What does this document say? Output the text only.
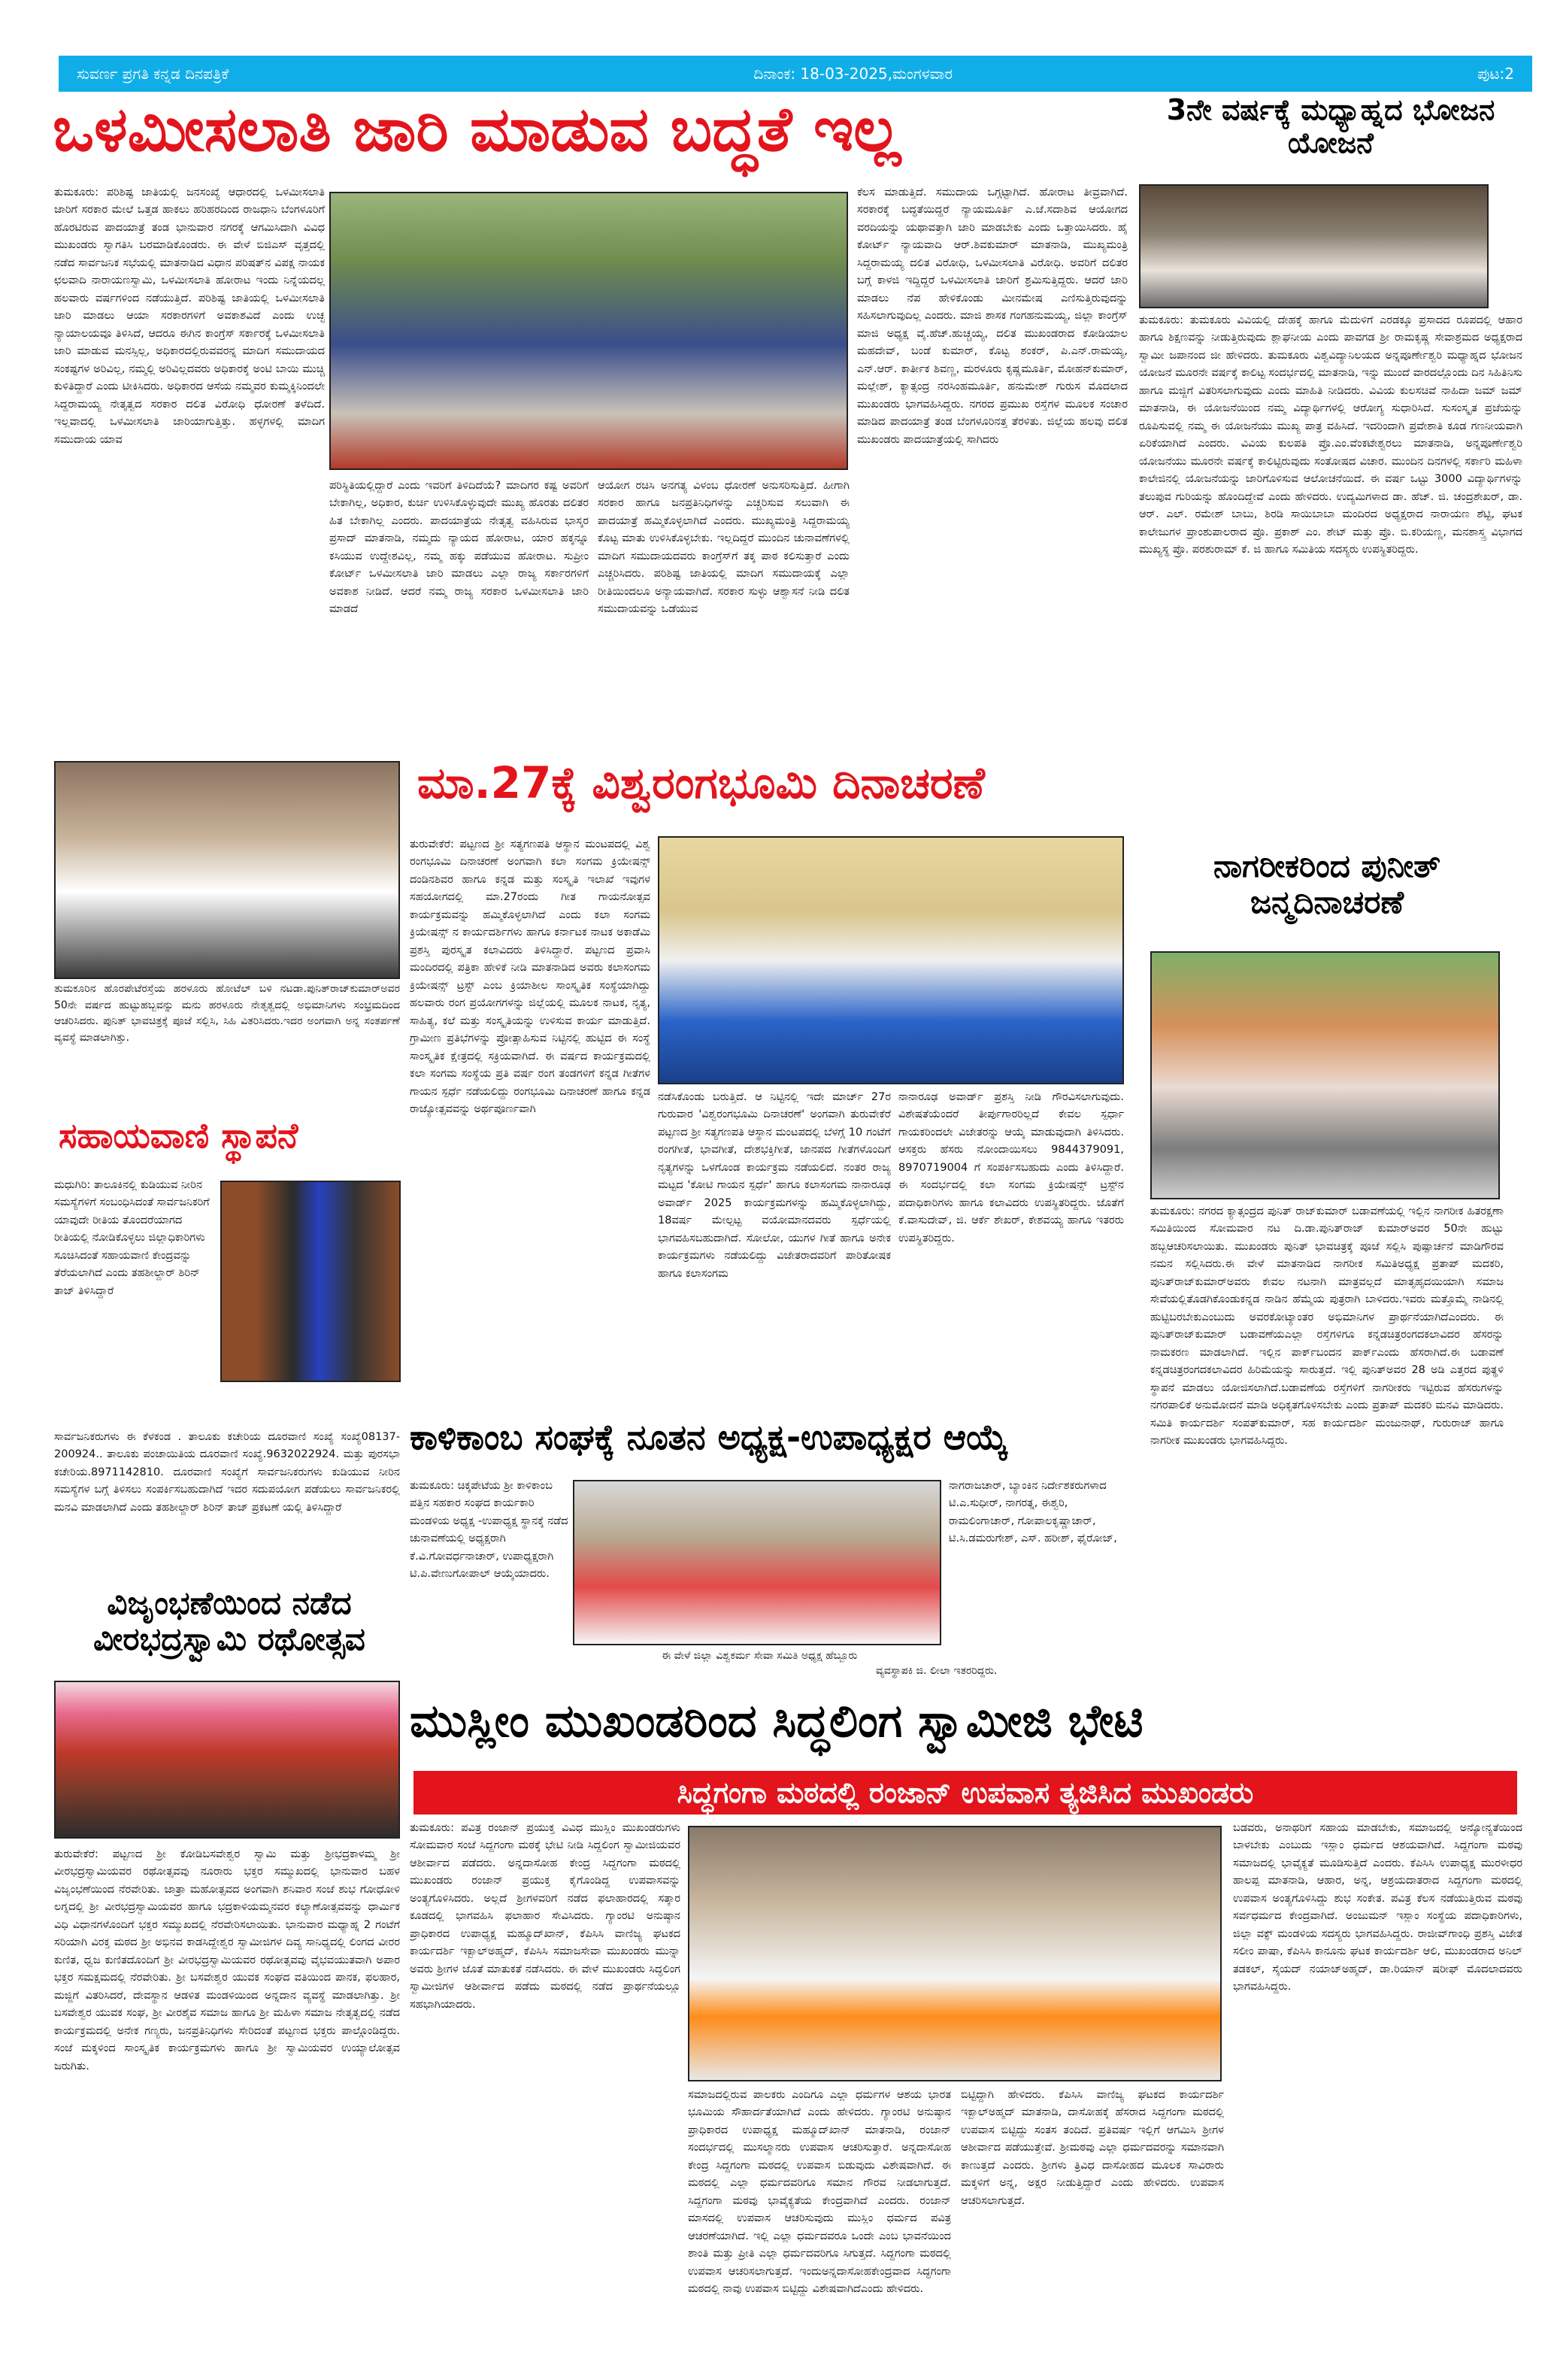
ಸುವರ್ಣ ಪ್ರಗತಿ ಕನ್ನಡ ದಿನಪತ್ರಿಕೆ	ದಿನಾಂಕ: 18-03-2025,ಮಂಗಳವಾರ	ಪುಟ:2
ಒಳಮೀಸಲಾತಿ ಜಾರಿ ಮಾಡುವ ಬದ್ಧತೆ ಇಲ್ಲ
ತುಮಕೂರು: ಪರಿಶಿಷ್ಟ ಜಾತಿಯಲ್ಲಿ ಜನಸಂಖ್ಯೆ ಆಧಾರದಲ್ಲಿ ಒಳಮೀಸಲಾತಿ ಜಾರಿಗೆ ಸರಕಾರ ಮೇಲೆ ಒತ್ತಡ ಹಾಕಲು ಹರಿಹರದಿಂದ ರಾಜಧಾನಿ ಬೆಂಗಳೂರಿಗೆ ಹೊರಟಿರುವ ಪಾದಯಾತ್ರೆ ತಂಡ ಭಾನುವಾರ ನಗರಕ್ಕೆ ಆಗಮಿಸಿದಾಗಿ ವಿವಿಧ ಮುಖಂಡರು ಸ್ವಾಗತಿಸಿ ಬರಮಾಡಿಕೊಂಡರು. ಈ ವೇಳೆ ಬಿಜಿಎಸ್ ವೃತ್ತದಲ್ಲಿ ನಡೆದ ಸಾರ್ವಜನಿಕ ಸಭೆಯಲ್ಲಿ ಮಾತನಾಡಿದ ವಿಧಾನ ಪರಿಷತ್‌ನ ವಿಪಕ್ಷ ನಾಯಕ ಛಲವಾದಿ ನಾರಾಯಣಸ್ವಾಮಿ, ಒಳಮೀಸಲಾತಿ ಹೋರಾಟ ಇಂದು ನಿನ್ನೆಯದಲ್ಲ ಹಲವಾರು ವರ್ಷಗಳಿಂದ ನಡೆಯುತ್ತಿದೆ. ಪರಿಶಿಷ್ಟ ಜಾತಿಯಲ್ಲಿ ಒಳಮೀಸಲಾತಿ ಜಾರಿ ಮಾಡಲು ಆಯಾ ಸರಕಾರಗಳಿಗೆ ಅವಕಾಶವಿದೆ ಎಂದು ಉಚ್ಛ ನ್ಯಾಯಾಲಯವೂ ತಿಳಿಸಿದೆ, ಆದರೂ ಈಗಿನ ಕಾಂಗ್ರೆಸ್ ಸರ್ಕಾರಕ್ಕೆ ಒಳಮೀಸಲಾತಿ ಜಾರಿ ಮಾಡುವ ಮನಸ್ಸಿಲ್ಲ, ಅಧಿಕಾರದಲ್ಲಿರುವವರನ್ನ ಮಾದಿಗ ಸಮುದಾಯದ ಸಂಕಷ್ಟಗಳ ಅರಿವಿಲ್ಲ, ನಮ್ಮಲ್ಲಿ ಅರಿವಿಲ್ಲದವರು ಅಧಿಕಾರಕ್ಕೆ ಅಂಟಿ ಬಾಯಿ ಮುಚ್ಚಿ ಕುಳಿತಿದ್ದಾರೆ ಎಂದು ಟೀಕಿಸಿದರು. ಅಧಿಕಾರದ ಆಸೆಯ ನಮ್ಮವರ ಕುಮ್ಮಕ್ಕಿನಿಂದಲೇ ಸಿದ್ದರಾಮಯ್ಯ ನೇತೃತ್ವದ ಸರಕಾರ ದಲಿತ ವಿರೋಧಿ ಧೋರಣೆ ತಳೆದಿದೆ. ಇಲ್ಲವಾದಲ್ಲಿ ಒಳಮೀಸಲಾತಿ ಜಾರಿಯಾಗುತ್ತಿತ್ತು. ಹಳ್ಳಗಳಲ್ಲಿ ಮಾದಿಗ ಸಮುದಾಯ ಯಾವ
ಪರಿಸ್ಥಿತಿಯಲ್ಲಿದ್ದಾರೆ ಎಂದು ಇವರಿಗೆ ತಿಳಿದಿದೆಯೆ? ಮಾದಿಗರ ಕಷ್ಟ ಅವರಿಗೆ ಬೇಕಾಗಿಲ್ಲ, ಅಧಿಕಾರ, ಕುರ್ಚಿ ಉಳಿಸಿಕೊಳ್ಳುವುದೇ ಮುಖ್ಯ ಹೊರತು ದಲಿತರ ಹಿತ ಬೇಕಾಗಿಲ್ಲ ಎಂದರು. ಪಾದಯಾತ್ರೆಯ ನೇತೃತ್ವ ವಹಿಸಿರುವ ಭಾಸ್ಕರ ಪ್ರಸಾದ್ ಮಾತನಾಡಿ, ನಮ್ಮದು ನ್ಯಾಯದ ಹೋರಾಟ, ಯಾರ ಹಕ್ಕನ್ನೂ ಕಸಿಯುವ ಉದ್ದೇಶವಿಲ್ಲ, ನಮ್ಮ ಹಕ್ಕು ಪಡೆಯುವ ಹೋರಾಟ. ಸುಪ್ರೀಂ ಕೋರ್ಟ್ ಒಳಮೀಸಲಾತಿ ಜಾರಿ ಮಾಡಲು ಎಲ್ಲಾ ರಾಜ್ಯ ಸರ್ಕಾರಗಳಿಗೆ ಅವಕಾಶ ನೀಡಿದೆ. ಆದರೆ ನಮ್ಮ ರಾಜ್ಯ ಸರಕಾರ ಒಳಮೀಸಲಾತಿ ಜಾರಿ ಮಾಡದೆ
ಆಯೋಗ ರಚಿಸಿ ಅನಗತ್ಯ ವಿಳಂಬ ಧೋರಣೆ ಅನುಸರಿಸುತ್ತಿದೆ. ಹೀಗಾಗಿ ಸರಕಾರ ಹಾಗೂ ಜನಪ್ರತಿನಿಧಿಗಳನ್ನು ಎಚ್ಚರಿಸುವ ಸಲುವಾಗಿ ಈ ಪಾದಯಾತ್ರೆ ಹಮ್ಮಿಕೊಳ್ಳಲಾಗಿದೆ ಎಂದರು. ಮುಖ್ಯಮಂತ್ರಿ ಸಿದ್ದರಾಮಯ್ಯ ಕೊಟ್ಟ ಮಾತು ಉಳಿಸಿಕೊಳ್ಳಬೇಕು. ಇಲ್ಲದಿದ್ದರೆ ಮುಂದಿನ ಚುನಾವಣೆಗಳಲ್ಲಿ ಮಾದಿಗ ಸಮುದಾಯದವರು ಕಾಂಗ್ರೆಸ್‌ಗೆ ತಕ್ಕ ಪಾಠ ಕಲಿಸುತ್ತಾರೆ ಎಂದು ಎಚ್ಚರಿಸಿದರು. ಪರಿಶಿಷ್ಟ ಜಾತಿಯಲ್ಲಿ ಮಾದಿಗ ಸಮುದಾಯಕ್ಕೆ ಎಲ್ಲಾ ರೀತಿಯಿಂದಲೂ ಅನ್ಯಾಯವಾಗಿದೆ. ಸರಕಾರ ಸುಳ್ಳು ಆಶ್ವಾಸನೆ ನೀಡಿ ದಲಿತ ಸಮುದಾಯವನ್ನು ಒಡೆಯುವ
ಕೆಲಸ ಮಾಡುತ್ತಿದೆ. ಸಮುದಾಯ ಒಗ್ಗಟ್ಟಾಗಿದೆ. ಹೋರಾಟ ತೀವ್ರವಾಗಿದೆ. ಸರಕಾರಕ್ಕೆ ಬದ್ಧತೆಯಿದ್ದರೆ ನ್ಯಾಯಮೂರ್ತಿ ಎ.ಜೆ.ಸದಾಶಿವ ಆಯೋಗದ ವರದಿಯನ್ನು ಯಥಾವತ್ತಾಗಿ ಜಾರಿ ಮಾಡಬೇಕು ಎಂದು ಒತ್ತಾಯಿಸಿದರು. ಹೈ ಕೋರ್ಟ್ ನ್ಯಾಯವಾದಿ ಆರ್.ಶಿವಕುಮಾರ್ ಮಾತನಾಡಿ, ಮುಖ್ಯಮಂತ್ರಿ ಸಿದ್ದರಾಮಯ್ಯ ದಲಿತ ವಿರೋಧಿ, ಒಳಮೀಸಲಾತಿ ವಿರೋಧಿ. ಅವರಿಗೆ ದಲಿತರ ಬಗ್ಗೆ ಕಾಳಜಿ ಇದ್ದಿದ್ದರೆ ಒಳಮೀಸಲಾತಿ ಜಾರಿಗೆ ಶ್ರಮಿಸುತ್ತಿದ್ದರು. ಆದರೆ ಜಾರಿ ಮಾಡಲು ನೆಪ ಹೇಳಿಕೊಂಡು ಮೀನಮೇಷ ಎಣಿಸುತ್ತಿರುವುದನ್ನು ಸಹಿಸಲಾಗುವುದಿಲ್ಲ ಎಂದರು. ಮಾಜಿ ಶಾಸಕ ಗಂಗಹನುಮಯ್ಯ, ಜಿಲ್ಲಾ ಕಾಂಗ್ರೆಸ್ ಮಾಜಿ ಅಧ್ಯಕ್ಷ ವೈ.ಹೆಚ್.ಹುಚ್ಚಯ್ಯ, ದಲಿತ ಮುಖಂಡರಾದ ಕೋಡಿಯಾಲ ಮಹದೇವ್, ಬಂಡೆ ಕುಮಾರ್, ಕೊಟ್ಟ ಶಂಕರ್, ಪಿ.ಎನ್.ರಾಮಯ್ಯ, ಎನ್.ಆರ್. ಕಾರ್ತೀಕ ಶಿವಣ್ಣ, ಮರಳೂರು ಕೃಷ್ಣಮೂರ್ತಿ, ಮೋಹನ್‌ಕುಮಾರ್, ಮಲ್ಲೇಶ್, ಕ್ಯಾತ್ಸಂದ್ರ ನರಸಿಂಹಮೂರ್ತಿ, ಹನುಮೇಶ್ ಗುರುಸ ಮೊದಲಾದ ಮುಖಂಡರು ಭಾಗವಹಿಸಿದ್ದರು. ನಗರದ ಪ್ರಮುಖ ರಸ್ತೆಗಳ ಮೂಲಕ ಸಂಚಾರ ಮಾಡಿದ ಪಾದಯಾತ್ರೆ ತಂಡ ಬೆಂಗಳೂರಿನತ್ತ ತೆರಳಿತು. ಜಿಲ್ಲೆಯ ಹಲವು ದಲಿತ ಮುಖಂಡರು ಪಾದಯಾತ್ರೆಯಲ್ಲಿ ಸಾಗಿದರು
3ನೇ ವರ್ಷಕ್ಕೆ ಮಧ್ಯಾಹ್ನದ ಭೋಜನ ಯೋಜನೆ
ತುಮಕೂರು: ತುಮಕೂರು ವಿವಿಯಲ್ಲಿ ದೇಹಕ್ಕೆ ಹಾಗೂ ಮೆದುಳಿಗೆ ಎರಡಕ್ಕೂ ಪ್ರಸಾದದ ರೂಪದಲ್ಲಿ ಆಹಾರ ಹಾಗೂ ಶಿಕ್ಷಣವನ್ನು ನೀಡುತ್ತಿರುವುದು ಶ್ಲಾಘನೀಯ ಎಂದು ಪಾವಗಡ ಶ್ರೀ ರಾಮಕೃಷ್ಣ ಸೇವಾಶ್ರಮದ ಅಧ್ಯಕ್ಷರಾದ ಸ್ವಾಮೀ ಜಪಾನಂದ ಜೀ ಹೇಳಿದರು. ತುಮಕೂರು ವಿಶ್ವವಿದ್ಯಾನಿಲಯದ ಅನ್ನಪೂರ್ಣೇಶ್ವರಿ ಮಧ್ಯಾಹ್ನದ ಭೋಜನ ಯೋಜನೆ ಮೂರನೇ ವರ್ಷಕ್ಕೆ ಕಾಲಿಟ್ಟ ಸಂದರ್ಭದಲ್ಲಿ ಮಾತನಾಡಿ, ಇನ್ನು ಮುಂದೆ ವಾರದಲ್ಲೊಂದು ದಿನ ಸಿಹಿತಿನಿಸು ಹಾಗೂ ಮಜ್ಜಿಗೆ ವಿತರಿಸಲಾಗುವುದು ಎಂದು ಮಾಹಿತಿ ನೀಡಿದರು. ವಿವಿಯ ಕುಲಸಚಿವೆ ನಾಹಿದಾ ಜಮ್ ಜಮ್ ಮಾತನಾಡಿ, ಈ ಯೋಜನೆಯಿಂದ ನಮ್ಮ ವಿದ್ಯಾರ್ಥಿಗಳಲ್ಲಿ ಆರೋಗ್ಯ ಸುಧಾರಿಸಿದೆ. ಸುಸಂಸ್ಕೃತ ಪ್ರಜೆಯನ್ನು ರೂಪಿಸುವಲ್ಲಿ ನಮ್ಮ ಈ ಯೋಜನೆಯು ಮುಖ್ಯ ಪಾತ್ರ ವಹಿಸಿದೆ. ಇದರಿಂದಾಗಿ ಪ್ರವೇಶಾತಿ ಕೂಡ ಗಣನೀಯವಾಗಿ ಏರಿಕೆಯಾಗಿದೆ ಎಂದರು. ವಿವಿಯ ಕುಲಪತಿ ಪ್ರೊ.ಎಂ.ವೆಂಕಟೇಶ್ವರಲು ಮಾತನಾಡಿ, ಅನ್ನಪೂರ್ಣೇಶ್ವರಿ ಯೋಜನೆಯು ಮೂರನೇ ವರ್ಷಕ್ಕೆ ಕಾಲಿಟ್ಟಿರುವುದು ಸಂತೋಷದ ವಿಚಾರ. ಮುಂದಿನ ದಿನಗಳಲ್ಲಿ ಸರ್ಕಾರಿ ಮಹಿಳಾ ಕಾಲೇಜಿನಲ್ಲಿ ಯೋಜನೆಯನ್ನು ಜಾರಿಗೊಳಿಸುವ ಆಲೋಚನೆಯಿದೆ. ಈ ವರ್ಷ ಒಟ್ಟು 3000 ವಿದ್ಯಾರ್ಥಿಗಳನ್ನು ತಲುಪುವ ಗುರಿಯನ್ನು ಹೊಂದಿದ್ದೇವೆ ಎಂದು ಹೇಳಿದರು. ಉದ್ಯಮಿಗಳಾದ ಡಾ. ಹೆಚ್. ಜಿ. ಚಂದ್ರಶೇಖರ್, ಡಾ. ಆರ್. ಎಲ್. ರಮೇಶ್ ಬಾಬು, ಶಿರಡಿ ಸಾಯಿಬಾಬಾ ಮಂದಿರದ ಅಧ್ಯಕ್ಷರಾದ ನಾರಾಯಣ ಶೆಟ್ಟಿ, ಘಟಕ ಕಾಲೇಜುಗಳ ಪ್ರಾಂಶುಪಾಲರಾದ ಪ್ರೊ. ಪ್ರಕಾಶ್ ಎಂ. ಶೇಟ್ ಮತ್ತು ಪ್ರೊ. ಬಿ.ಕರಿಯಣ್ಣ, ಮನಶಾಸ್ತ್ರ ವಿಭಾಗದ ಮುಖ್ಯಸ್ಥ ಪ್ರೊ. ಪರಶುರಾಮ್ ಕೆ. ಜಿ ಹಾಗೂ ಸಮಿತಿಯ ಸದಸ್ಯರು ಉಪಸ್ಥಿತರಿದ್ದರು.
ತುಮಕೂರಿನ ಹೊರಪೇಟೆರಸ್ತೆಯ ಹರಳೂರು ಹೋಟೆಲ್ ಬಳಿ ನಟಡಾ.ಪುನಿತ್‌ರಾಜ್‌ಕುಮಾರ್‌ಅವರ 50ನೇ ವರ್ಷದ ಹುಟ್ಟುಹಬ್ಬವನ್ನು ಮನು ಹರಳೂರು ನೇತೃತ್ವದಲ್ಲಿ ಅಭಿಮಾನಿಗಳು ಸಂಭ್ರಮದಿಂದ ಆಚರಿಸಿದರು. ಪುನಿತ್ ಭಾವಚಿತ್ರಕ್ಕೆ ಪೂಜೆ ಸಲ್ಲಿಸಿ, ಸಿಹಿ ವಿತರಿಸಿದರು.ಇದರ ಅಂಗವಾಗಿ ಅನ್ನ ಸಂತರ್ಪಣೆ ವ್ಯವಸ್ಥೆ ಮಾಡಲಾಗಿತ್ತು.
ಮಾ.27ಕ್ಕೆ ವಿಶ್ವರಂಗಭೂಮಿ ದಿನಾಚರಣೆ
ತುರುವೇಕೆರೆ: ಪಟ್ಟಣದ ಶ್ರೀ ಸತ್ಯಗಣಪತಿ ಆಸ್ಥಾನ ಮಂಟಪದಲ್ಲಿ ವಿಶ್ವ ರಂಗಭೂಮಿ ದಿನಾಚರಣೆ ಅಂಗವಾಗಿ ಕಲಾ ಸಂಗಮ ಕ್ರಿಯೇಷನ್ಸ್ ದಂಡಿನಶಿವರ ಹಾಗೂ ಕನ್ನಡ ಮತ್ತು ಸಂಸ್ಕೃತಿ ಇಲಾಖೆ ಇವುಗಳ ಸಹಯೋಗದಲ್ಲಿ ಮಾ.27ರಂದು ಗೀತ ಗಾಯನೋತ್ಸವ ಕಾರ್ಯಕ್ರಮವನ್ನು ಹಮ್ಮಿಕೊಳ್ಳಲಾಗಿದೆ ಎಂದು ಕಲಾ ಸಂಗಮ ಕ್ರಿಯೇಷನ್ಸ್ ನ ಕಾರ್ಯದರ್ಶಿಗಳು ಹಾಗೂ ಕರ್ನಾಟಕ ನಾಟಕ ಅಕಾಡೆಮಿ ಪ್ರಶಸ್ತಿ ಪುರಸ್ಕೃತ ಕಲಾವಿದರು ತಿಳಿಸಿದ್ದಾರೆ. ಪಟ್ಟಣದ ಪ್ರವಾಸಿ ಮಂದಿರದಲ್ಲಿ ಪತ್ರಿಕಾ ಹೇಳಿಕೆ ನೀಡಿ ಮಾತನಾಡಿದ ಅವರು ಕಲಾಸಂಗಮ ಕ್ರಿಯೇಷನ್ಸ್ ಟ್ರಸ್ಟ್ ಎಂಬ ಕ್ರಿಯಾಶೀಲ ಸಾಂಸ್ಕೃತಿಕ ಸಂಸ್ಥೆಯಾಗಿದ್ದು ಹಲವಾರು ರಂಗ ಪ್ರಯೋಗಗಳನ್ನು ಜಿಲ್ಲೆಯಲ್ಲಿ ಮೂಲಕ ನಾಟಕ, ನೃತ್ಯ, ಸಾಹಿತ್ಯ, ಕಲೆ ಮತ್ತು ಸಂಸ್ಕೃತಿಯನ್ನು ಉಳಿಸುವ ಕಾರ್ಯ ಮಾಡುತ್ತಿದೆ. ಗ್ರಾಮೀಣ ಪ್ರತಿಭೆಗಳನ್ನು ಪ್ರೋತ್ಸಾಹಿಸುವ ನಿಟ್ಟಿನಲ್ಲಿ ಹುಟ್ಟಿದ ಈ ಸಂಸ್ಥೆ ಸಾಂಸ್ಕೃತಿಕ ಕ್ಷೇತ್ರದಲ್ಲಿ ಸಕ್ರಿಯವಾಗಿದೆ. ಈ ವರ್ಷದ ಕಾರ್ಯಕ್ರಮದಲ್ಲಿ ಕಲಾ ಸಂಗಮ ಸಂಸ್ಥೆಯ ಪ್ರತಿ ವರ್ಷ ರಂಗ ತಂಡಗಳಿಗೆ ಕನ್ನಡ ಗೀತೆಗಳ ಗಾಯನ ಸ್ಪರ್ಧೆ ನಡೆಯಲಿದ್ದು ರಂಗಭೂಮಿ ದಿನಾಚರಣೆ ಹಾಗೂ ಕನ್ನಡ ರಾಜ್ಯೋತ್ಸವವನ್ನು ಅರ್ಥಪೂರ್ಣವಾಗಿ
ನಡೆಸಿಕೊಂಡು ಬರುತ್ತಿದೆ. ಆ ನಿಟ್ಟಿನಲ್ಲಿ ಇದೇ ಮಾರ್ಚ್ 27ರ ಗುರುವಾರ 'ವಿಶ್ವರಂಗಭೂಮಿ ದಿನಾಚರಣೆ' ಅಂಗವಾಗಿ ತುರುವೇಕೆರೆ ಪಟ್ಟಣದ ಶ್ರೀ ಸತ್ಯಗಣಪತಿ ಆಸ್ಥಾನ ಮಂಟಪದಲ್ಲಿ ಬೆಳಗ್ಗೆ 10 ಗಂಟೆಗೆ ರಂಗಗೀತೆ, ಭಾವಗೀತೆ, ದೇಶಭಕ್ತಿಗೀತೆ, ಜಾನಪದ ಗೀತೆಗಳೊಂದಿಗೆ ನೃತ್ಯಗಳನ್ನು ಒಳಗೊಂಡ ಕಾರ್ಯಕ್ರಮ ನಡೆಯಲಿದೆ. ನಂತರ ರಾಜ್ಯ ಮಟ್ಟದ 'ಕೋಟಿ ಗಾಯನ ಸ್ಪರ್ಧೆ' ಹಾಗೂ ಕಲಾಸಂಗಮ ನಾನಾರೂಢ ಅವಾರ್ಡ್ 2025 ಕಾರ್ಯಕ್ರಮಗಳನ್ನು ಹಮ್ಮಿಕೊಳ್ಳಲಾಗಿದ್ದು, 18ವರ್ಷ ಮೇಲ್ಪಟ್ಟ ವಯೋಮಾನದವರು ಸ್ಪರ್ಧೆಯಲ್ಲಿ ಭಾಗವಹಿಸಬಹುದಾಗಿದೆ. ಸೋಲೋ, ಯುಗಳ ಗೀತೆ ಹಾಗೂ ಅನೇಕ ಕಾರ್ಯಕ್ರಮಗಳು ನಡೆಯಲಿದ್ದು ವಿಜೇತರಾದವರಿಗೆ ಪಾರಿತೋಷಕ ಹಾಗೂ ಕಲಾಸಂಗಮ
ನಾನಾರೂಢ ಅವಾರ್ಡ್ ಪ್ರಶಸ್ತಿ ನೀಡಿ ಗೌರವಿಸಲಾಗುವುದು. ವಿಶೇಷತೆಯೆಂದರೆ ತೀರ್ಪುಗಾರರಿಲ್ಲದೆ ಕೇವಲ ಸ್ಪರ್ಧಾ ಗಾಯಕರಿಂದಲೇ ವಿಜೇತರನ್ನು ಆಯ್ಕೆ ಮಾಡುವುದಾಗಿ ತಿಳಿಸಿದರು. ಆಸಕ್ತರು ಹೆಸರು ನೋಂದಾಯಿಸಲು 9844379091, 8970719004 ಗೆ ಸಂಪರ್ಕಿಸಬಹುದು ಎಂದು ತಿಳಿಸಿದ್ದಾರೆ. ಈ ಸಂದರ್ಭದಲ್ಲಿ ಕಲಾ ಸಂಗಮ ಕ್ರಿಯೇಷನ್ಸ್ ಟ್ರಸ್ಟ್‌ನ ಪದಾಧಿಕಾರಿಗಳು ಹಾಗೂ ಕಲಾವಿದರು ಉಪಸ್ಥಿತರಿದ್ದರು. ಜೊತೆಗೆ ಕೆ.ವಾಸುದೇವ್, ಜಿ. ಆರ್ಕೆ ಶೇಖರ್, ಕೇಶವಯ್ಯ ಹಾಗೂ ಇತರರು ಉಪಸ್ಥಿತರಿದ್ದರು.
ನಾಗರೀಕರಿಂದ ಪುನೀತ್ ಜನ್ಮದಿನಾಚರಣೆ
ತುಮಕೂರು: ನಗರದ ಕ್ಯಾತ್ಸಂದ್ರದ ಪುನಿತ್ ರಾಜ್‌ಕುಮಾರ್ ಬಡಾವಣೆಯಲ್ಲಿ ಇಲ್ಲಿನ ನಾಗರೀಕ ಹಿತರಕ್ಷಣಾ ಸಮಿತಿಯಿಂದ ಸೋಮವಾರ ನಟ ದಿ.ಡಾ.ಪುನಿತ್‌ರಾಜ್ ಕುಮಾರ್‌ಅವರ 50ನೇ ಹುಟ್ಟು ಹಬ್ಬಆಚರಿಸಲಾಯಿತು. ಮುಖಂಡರು ಪುನಿತ್ ಭಾವಚಿತ್ರಕ್ಕೆ ಪೂಜೆ ಸಲ್ಲಿಸಿ ಪುಷ್ಪಾರ್ಚನೆ ಮಾಡಿಗೌರವ ನಮನ ಸಲ್ಲಿಸಿದರು.ಈ ವೇಳೆ ಮಾತನಾಡಿದ ನಾಗರೀಕ ಸಮಿತಿಅಧ್ಯಕ್ಷ ಪ್ರತಾಪ್ ಮದಕರಿ, ಪುನಿತ್‌ರಾಜ್‌ಕುಮಾರ್‌ಅವರು ಕೇವಲ ನಟನಾಗಿ ಮಾತ್ರವಲ್ಲದೆ ಮಾತೃಹೃದಯಿಯಾಗಿ ಸಮಾಜ ಸೇವೆಯಲ್ಲಿತೊಡಗಿಕೊಂಡುಕನ್ನಡ ನಾಡಿನ ಹೆಮ್ಮೆಯ ಪುತ್ರರಾಗಿ ಬಾಳಿದರು.ಇವರು ಮತ್ತೊಮ್ಮೆ ನಾಡಿನಲ್ಲಿ ಹುಟ್ಟಿಬರಬೇಕುಎಂಬುದು ಅವರಕೋಟ್ಯಾಂತರ ಅಭಿಮಾನಿಗಳ ಪ್ರಾರ್ಥನೆಯಾಗಿದೆಎಂದರು. ಈ ಪುನಿತ್‌ರಾಜ್‌ಕುಮಾರ್ ಬಡಾವಣೆಯಎಲ್ಲಾ ರಸ್ತೆಗಳಿಗೂ ಕನ್ನಡಚಿತ್ರರಂಗದಕಲಾವಿದರ ಹೆಸರನ್ನು ನಾಮಕರಣ ಮಾಡಲಾಗಿದೆ. ಇಲ್ಲಿನ ಪಾರ್ಕ್‌ಬಂದನ ಪಾರ್ಕ್‌ಎಂದು ಹೆಸರಾಗಿದೆ.ಈ ಬಡಾವಣೆ ಕನ್ನಡಚಿತ್ರರಂಗದಕಲಾವಿದರ ಹಿರಿಮೆಯನ್ನು ಸಾರುತ್ತದೆ. ಇಲ್ಲಿ ಪುನಿತ್‌ಅವರ 28 ಅಡಿ ಎತ್ತರದ ಪುತ್ಥಳಿ ಸ್ಥಾಪನೆ ಮಾಡಲು ಯೋಜಿಸಲಾಗಿದೆ.ಬಡಾವಣೆಯ ರಸ್ತೆಗಳಿಗೆ ನಾಗರೀಕರು ಇಟ್ಟಿರುವ ಹೆಸರುಗಳನ್ನು ನಗರಪಾಲಿಕೆ ಅನುಮೋದನೆ ಮಾಡಿ ಅಧಿಕೃತಗೊಳಿಸಬೇಕು ಎಂದು ಪ್ರತಾಪ್ ಮದಕರಿ ಮನವಿ ಮಾಡಿದರು. ಸಮಿತಿ ಕಾರ್ಯದರ್ಶಿ ಸಂಪತ್‌ಕುಮಾರ್, ಸಹ ಕಾರ್ಯದರ್ಶಿ ಮಂಜುನಾಥ್, ಗುರುರಾಜ್ ಹಾಗೂ ನಾಗರೀಕ ಮುಖಂಡರು ಭಾಗವಹಿಸಿದ್ದರು.
ಸಹಾಯವಾಣಿ ಸ್ಥಾಪನೆ
ಮಧುಗಿರಿ: ತಾಲೂಕಿನಲ್ಲಿ ಕುಡಿಯುವ ನೀರಿನ ಸಮಸ್ಯೆಗಳಿಗೆ ಸಂಬಂಧಿಸಿದಂತೆ ಸಾರ್ವಜನಿಕರಿಗೆ ಯಾವುದೇ ರೀತಿಯ ತೊಂದರೆಯಾಗದ ರೀತಿಯಲ್ಲಿ ನೋಡಿಕೊಳ್ಳಲು ಜಿಲ್ಲಾಧಿಕಾರಿಗಳು ಸೂಚಿಸಿದಂತೆ ಸಹಾಯವಾಣಿ ಕೇಂದ್ರವನ್ನು ತೆರೆಯಲಾಗಿದೆ ಎಂದು ತಹಶೀಲ್ದಾರ್ ಶಿರಿನ್ ತಾಜ್ ತಿಳಿಸಿದ್ದಾರೆ
ಸಾರ್ವಜನಿಕರುಗಳು ಈ ಕೆಳಕಂಡ . ತಾಲೂಕು ಕಚೇರಿಯ ದೂರವಾಣಿ ಸಂಖ್ಯೆ ಸಂಖ್ಯೆ08137-200924.. ತಾಲೂಕು ಪಂಚಾಯಿತಿಯ ದೂರವಾಣಿ ಸಂಖ್ಯೆ.9632022924. ಮತ್ತು ಪುರಸಭಾ ಕಚೇರಿಯ.8971142810. ದೂರವಾಣಿ ಸಂಖ್ಯೆಗೆ ಸಾರ್ವಜನಿಕರುಗಳು ಕುಡಿಯುವ ನೀರಿನ ಸಮಸ್ಯೆಗಳ ಬಗ್ಗೆ ತಿಳಿಸಲು ಸಂಪರ್ಕಿಸಬಹುದಾಗಿದೆ ಇದರ ಸದುಪಯೋಗ ಪಡೆಯಲು ಸಾರ್ವಜನಿಕರಲ್ಲಿ ಮನವಿ ಮಾಡಲಾಗಿದೆ ಎಂದು ತಹಶೀಲ್ದಾರ್ ಶಿರಿನ್ ತಾಜ್ ಪ್ರಕಟಣೆ ಯಲ್ಲಿ ತಿಳಿಸಿದ್ದಾರೆ
ವಿಜೃಂಭಣೆಯಿಂದ ನಡೆದ ವೀರಭದ್ರಸ್ವಾಮಿ ರಥೋತ್ಸವ
ತುರುವೇಕೆರೆ: ಪಟ್ಟಣದ ಶ್ರೀ ಕೋಡಿಬಸವೇಶ್ವರ ಸ್ವಾಮಿ ಮತ್ತು ಶ್ರೀಭದ್ರಕಾಳಮ್ಮ ಶ್ರೀ ವೀರಭದ್ರಸ್ವಾಮಿಯವರ ರಥೋತ್ಸವವು ನೂರಾರು ಭಕ್ತರ ಸಮ್ಮುಖದಲ್ಲಿ ಭಾನುವಾರ ಬಹಳ ವಿಜೃಂಭಣೆಯಿಂದ ನೆರವೇರಿತು. ಜಾತ್ರಾ ಮಹೋತ್ಸವದ ಅಂಗವಾಗಿ ಶನಿವಾರ ಸಂಜೆ ಶುಭ ಗೋಧೋಳಿ ಲಗ್ನದಲ್ಲಿ ಶ್ರೀ ವೀರಭದ್ರಸ್ವಾಮಿಯವರ ಹಾಗೂ ಭದ್ರಕಾಳಿಯಮ್ಮನವರ ಕಲ್ಯಾಣೋತ್ಸವವನ್ನು ಧಾರ್ಮಿಕ ವಿಧಿ ವಿಧಾನಗಳೊಂದಿಗೆ ಭಕ್ತರ ಸಮ್ಮುಖದಲ್ಲಿ ನೆರವೇರಿಸಲಾಯಿತು. ಭಾನುವಾರ ಮಧ್ಯಾಹ್ನ 2 ಗಂಟೆಗೆ ಸರಿಯಾಗಿ ವಿರಕ್ತ ಮಠದ ಶ್ರೀ ಅಭಿನವ ಕಾಡಸಿದ್ದೇಶ್ವರ ಸ್ವಾಮೀಜಿಗಳ ದಿವ್ಯ ಸಾನಿಧ್ಯದಲ್ಲಿ ಲಿಂಗದ ವೀರರ ಕುಣಿತ, ಧ್ವಜ ಕುಣಿತದೊಂದಿಗೆ ಶ್ರೀ ವೀರಭದ್ರಸ್ವಾಮಿಯವರ ರಥೋತ್ಸವವು ವೈಭವಯುತವಾಗಿ ಅಪಾರ ಭಕ್ತರ ಸಮಕ್ಷಮದಲ್ಲಿ ನೆರವೇರಿತು. ಶ್ರೀ ಬಸವೇಶ್ವರ ಯುವಕ ಸಂಘದ ವತಿಯಿಂದ ಪಾನಕ, ಫಲಹಾರ, ಮಜ್ಜಿಗೆ ವಿತರಿಸಿದರೆ, ದೇವಸ್ಥಾನ ಆಡಳಿತ ಮಂಡಳಿಯಿಂದ ಅನ್ನದಾನ ವ್ಯವಸ್ಥೆ ಮಾಡಲಾಗಿತ್ತು. ಶ್ರೀ ಬಸವೇಶ್ವರ ಯುವಕ ಸಂಘ, ಶ್ರೀ ವೀರಶೈವ ಸಮಾಜ ಹಾಗೂ ಶ್ರೀ ಮಹಿಳಾ ಸಮಾಜ ನೇತೃತ್ವದಲ್ಲಿ ನಡೆದ ಕಾರ್ಯಕ್ರಮದಲ್ಲಿ ಅನೇಕ ಗಣ್ಯರು, ಜನಪ್ರತಿನಿಧಿಗಳು ಸೇರಿದಂತೆ ಪಟ್ಟಣದ ಭಕ್ತರು ಪಾಲ್ಗೊಂಡಿದ್ದರು. ಸಂಜೆ ಮಕ್ಕಳಿಂದ ಸಾಂಸ್ಕೃತಿಕ ಕಾರ್ಯಕ್ರಮಗಳು ಹಾಗೂ ಶ್ರೀ ಸ್ವಾಮಿಯವರ ಉಯ್ಯಾಲೋತ್ಸವ ಜರುಗಿತು.
ಕಾಳಿಕಾಂಬ ಸಂಘಕ್ಕೆ ನೂತನ ಅಧ್ಯಕ್ಷ-ಉಪಾಧ್ಯಕ್ಷರ ಆಯ್ಕೆ
ತುಮಕೂರು: ಚಿಕ್ಕಪೇಟೆಯ ಶ್ರೀ ಕಾಳಿಕಾಂಬ ಪತ್ತಿನ ಸಹಕಾರ ಸಂಘದ ಕಾರ್ಯಕಾರಿ ಮಂಡಳಿಯ ಅಧ್ಯಕ್ಷ -ಉಪಾಧ್ಯಕ್ಷ ಸ್ಥಾನಕ್ಕೆ ನಡೆದ ಚುನಾವಣೆಯಲ್ಲಿ ಅಧ್ಯಕ್ಷರಾಗಿ ಕೆ.ವಿ.ಗೋವರ್ಧನಾಚಾರ್, ಉಪಾಧ್ಯಕ್ಷರಾಗಿ ಟಿ.ಪಿ.ವೇಣುಗೋಪಾಲ್ ಆಯ್ಕೆಯಾದರು.
ಈ ವೇಳೆ ಜಿಲ್ಲಾ ವಿಶ್ವಕರ್ಮ ಸೇವಾ ಸಮಿತಿ ಅಧ್ಯಕ್ಷ ಹೆಬ್ಬೂರು
ನಾಗರಾಜಚಾರ್, ಬ್ಯಾಂಕಿನ ನಿರ್ದೇಶಕರುಗಳಾದ ಟಿ.ಎ.ಸುಧೀರ್, ನಾಗರತ್ನ, ಈಶ್ವರಿ, ರಾಮಲಿಂಗಾಚಾರ್, ಗೋಪಾಲಕೃಷ್ಣಾಚಾರ್, ಟಿ.ಸಿ.ಡಮರುಗೇಶ್, ಎಸ್. ಹರೀಶ್, ಫೈರೋಜ್,
ವ್ಯವಸ್ಥಾಪಕಿ ಜಿ. ಲೀಲಾ ಇತರರಿದ್ದರು.
ಮುಸ್ಲೀಂ ಮುಖಂಡರಿಂದ ಸಿದ್ಧಲಿಂಗ ಸ್ವಾಮೀಜಿ ಭೇಟಿ
ಸಿದ್ಧಗಂಗಾ ಮಠದಲ್ಲಿ ರಂಜಾನ್ ಉಪವಾಸ ತ್ಯಜಿಸಿದ ಮುಖಂಡರು
ತುಮಕೂರು: ಪವಿತ್ರ ರಂಜಾನ್ ಪ್ರಯುಕ್ತ ವಿವಿಧ ಮುಸ್ಲಿಂ ಮುಖಂಡರುಗಳು ಸೋಮವಾರ ಸಂಜೆ ಸಿದ್ದಗಂಗಾ ಮಠಕ್ಕೆ ಭೇಟಿ ನೀಡಿ ಸಿದ್ದಲಿಂಗ ಸ್ವಾಮೀಜಿಯವರ ಆಶೀರ್ವಾದ ಪಡೆದರು. ಅನ್ನದಾಸೋಹ ಕೇಂದ್ರ ಸಿದ್ದಗಂಗಾ ಮಠದಲ್ಲಿ ಮುಖಂಡರು ರಂಜಾನ್ ಪ್ರಯುಕ್ತ ಕೈಗೊಂಡಿದ್ದ ಉಪವಾಸವನ್ನು ಅಂತ್ಯಗೊಳಿಸಿದರು. ಅಲ್ಲದೆ ಶ್ರೀಗಳವರಿಗೆ ನಡೆದ ಫಲಾಹಾರದಲ್ಲಿ ಸತ್ಕಾರ ಕೂಡದಲ್ಲಿ ಭಾಗವಹಿಸಿ ಫಲಾಹಾರ ಸೇವಿಸಿದರು. ಗ್ಯಾಂರಟಿ ಅನುಷ್ಠಾನ ಪ್ರಾಧಿಕಾರದ ಉಪಾಧ್ಯಕ್ಷ ಮಹ್ಮೂದ್‌ಖಾನ್, ಕೆಪಿಸಿಸಿ ವಾಣಿಜ್ಯ ಘಟಕದ ಕಾರ್ಯದರ್ಶಿ ಇಕ್ಬಾಲ್‌ಅಹ್ಮದ್, ಕೆಪಿಸಿಸಿ ಸಮಾಜಸೇವಾ ಮುಖಂಡರು ಮುನ್ನಾ ಅವರು ಶ್ರೀಗಳ ಜೊತೆ ಮಾತುಕತೆ ನಡೆಸಿದರು. ಈ ವೇಳೆ ಮುಖಂಡರು ಸಿದ್ಧಲಿಂಗ ಸ್ವಾಮೀಜಿಗಳ ಆಶೀರ್ವಾದ ಪಡೆದು ಮಠದಲ್ಲಿ ನಡೆದ ಪ್ರಾರ್ಥನೆಯಲ್ಲೂ ಸಹಭಾಗಿಯಾದರು.
ಸಮಾಜದಲ್ಲಿರುವ ಪಾಲಕರು ಎಂದಿಗೂ ಎಲ್ಲಾ ಧರ್ಮಗಳ ಆಶಯ ಭಾರತ ಭೂಮಿಯ ಸೌಹಾರ್ದತೆಯಾಗಿದೆ ಎಂದು ಹೇಳಿದರು. ಗ್ಯಾಂರಟಿ ಅನುಷ್ಠಾನ ಪ್ರಾಧಿಕಾರದ ಉಪಾಧ್ಯಕ್ಷ ಮಹ್ಮೂದ್‌ಖಾನ್ ಮಾತನಾಡಿ, ರಂಜಾನ್ ಸಂದರ್ಭದಲ್ಲಿ ಮುಸಲ್ಮಾನರು ಉಪವಾಸ ಆಚರಿಸುತ್ತಾರೆ. ಅನ್ನದಾಸೋಹ ಕೇಂದ್ರ ಸಿದ್ದಗಂಗಾ ಮಠದಲ್ಲಿ ಉಪವಾಸ ಬಿಡುವುದು ವಿಶೇಷವಾಗಿದೆ. ಈ ಮಠದಲ್ಲಿ ಎಲ್ಲಾ ಧರ್ಮದವರಿಗೂ ಸಮಾನ ಗೌರವ ನೀಡಲಾಗುತ್ತದೆ. ಸಿದ್ದಗಂಗಾ ಮಠವು ಭಾವೈಕ್ಯತೆಯ ಕೇಂದ್ರವಾಗಿದೆ ಎಂದರು. ರಂಜಾನ್ ಮಾಸದಲ್ಲಿ ಉಪವಾಸ ಆಚರಿಸುವುದು ಮುಸ್ಲಿಂ ಧರ್ಮದ ಪವಿತ್ರ ಆಚರಣೆಯಾಗಿದೆ. ಇಲ್ಲಿ ಎಲ್ಲಾ ಧರ್ಮದವರೂ ಒಂದೇ ಎಂಬ ಭಾವನೆಯಿಂದ ಶಾಂತಿ ಮತ್ತು ಪ್ರೀತಿ ಎಲ್ಲಾ ಧರ್ಮದವರಿಗೂ ಸಿಗುತ್ತದೆ. ಸಿದ್ದಗಂಗಾ ಮಠದಲ್ಲಿ ಉಪವಾಸ ಆಚರಿಸಲಾಗುತ್ತದೆ. ಇಂದುಅನ್ನದಾಸೋಹಕೇಂದ್ರವಾದ ಸಿದ್ಧಗಂಗಾ ಮಠದಲ್ಲಿ ನಾವು ಉಪವಾಸ ಬಿಟ್ಟಿದ್ದು ವಿಶೇಷವಾಗಿದೆಎಂದು ಹೇಳಿದರು.
ಬಿಟ್ಟಿದ್ದಾಗಿ ಹೇಳಿದರು. ಕೆಪಿಸಿಸಿ ವಾಣಿಜ್ಯ ಘಟಕದ ಕಾರ್ಯದರ್ಶಿ ಇಕ್ಬಾಲ್‌ಅಹ್ಮದ್ ಮಾತನಾಡಿ, ದಾಸೋಹಕ್ಕೆ ಹೆಸರಾದ ಸಿದ್ದಗಂಗಾ ಮಠದಲ್ಲಿ ಉಪವಾಸ ಬಿಟ್ಟಿದ್ದು ಸಂತಸ ತಂದಿದೆ. ಪ್ರತಿವರ್ಷ ಇಲ್ಲಿಗೆ ಆಗಮಿಸಿ ಶ್ರೀಗಳ ಆಶೀರ್ವಾದ ಪಡೆಯುತ್ತೇವೆ. ಶ್ರೀಮಠವು ಎಲ್ಲಾ ಧರ್ಮದವರನ್ನು ಸಮಾನವಾಗಿ ಕಾಣುತ್ತದೆ ಎಂದರು. ಶ್ರೀಗಳು ತ್ರಿವಿಧ ದಾಸೋಹದ ಮೂಲಕ ಸಾವಿರಾರು ಮಕ್ಕಳಿಗೆ ಅನ್ನ, ಅಕ್ಷರ ನೀಡುತ್ತಿದ್ದಾರೆ ಎಂದು ಹೇಳಿದರು. ಉಪವಾಸ ಆಚರಿಸಲಾಗುತ್ತದೆ.
ಬಡವರು, ಅನಾಥರಿಗೆ ಸಹಾಯ ಮಾಡಬೇಕು, ಸಮಾಜದಲ್ಲಿ ಅನ್ಯೋನ್ಯತೆಯಿಂದ ಬಾಳಬೇಕು ಎಂಬುದು ಇಸ್ಲಾಂ ಧರ್ಮದ ಆಶಯವಾಗಿದೆ. ಸಿದ್ದಗಂಗಾ ಮಠವು ಸಮಾಜದಲ್ಲಿ ಭಾವೈಕ್ಯತೆ ಮೂಡಿಸುತ್ತಿದೆ ಎಂದರು. ಕೆಪಿಸಿಸಿ ಉಪಾಧ್ಯಕ್ಷ ಮುರಳೀಧರ ಹಾಲಪ್ಪ ಮಾತನಾಡಿ, ಆಹಾರ, ಅನ್ನ, ಆಶ್ರಯದಾತರಾದ ಸಿದ್ದಗಂಗಾ ಮಠದಲ್ಲಿ ಉಪವಾಸ ಅಂತ್ಯಗೊಳಿಸಿದ್ದು ಶುಭ ಸಂಕೇತ. ಪವಿತ್ರ ಕೆಲಸ ನಡೆಯುತ್ತಿರುವ ಮಠವು ಸರ್ವಧರ್ಮದ ಕೇಂದ್ರವಾಗಿದೆ. ಅಂಜುಮನ್ ಇಸ್ಲಾಂ ಸಂಸ್ಥೆಯ ಪದಾಧಿಕಾರಿಗಳು, ಜಿಲ್ಲಾ ವಕ್ಫ್ ಮಂಡಳಿಯ ಸದಸ್ಯರು ಭಾಗವಹಿಸಿದ್ದರು. ರಾಜೀವ್‌ಗಾಂಧಿ ಪ್ರಶಸ್ತಿ ವಿಜೇತ ಸಲೀಂ ಪಾಷಾ, ಕೆಪಿಸಿಸಿ ಕಾನೂನು ಘಟಕ ಕಾರ್ಯದರ್ಶಿ ಆಲಿ, ಮುಖಂಡರಾದ ಅನಿಲ್ ತಡಕಲ್, ಸೈಯದ್ ನಯಾಜ್‌ಅಹ್ಮದ್, ಡಾ.ರಿಯಾನ್ ಷರೀಫ್ ಮೊದಲಾದವರು ಭಾಗವಹಿಸಿದ್ದರು.
